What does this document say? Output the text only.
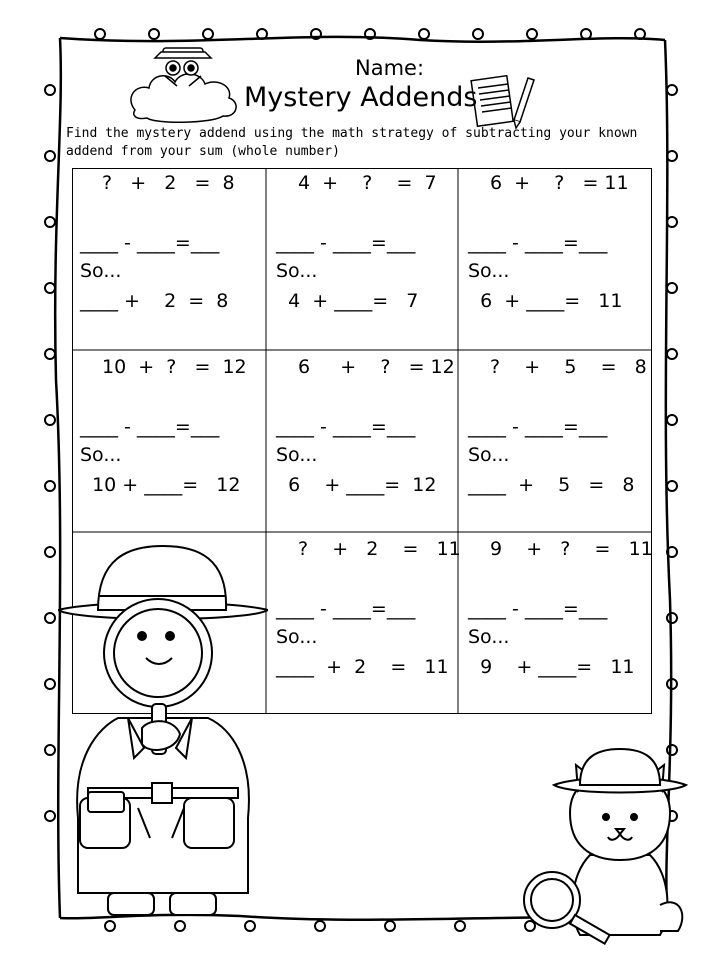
Name:
Mystery Addends
Find the mystery addend using the math strategy of subtracting your known
addend from your sum (whole number)
?   +   2   =  8
____ - ____=___
So...
____ +    2  =  8
4  +    ?    =  7
____ - ____=___
So...
4  + ____=   7
6  +    ?   = 11
____ - ____=___
So...
6  + ____=   11
10  +  ?   =  12
____ - ____=___
So...
10 + ____=   12
6     +    ?   = 12
____ - ____=___
So...
6    + ____=  12
?    +    5    =   8
____ - ____=___
So...
____  +    5   =   8
?    +   2    =   11
____ - ____=___
So...
____  +  2    =   11
9    +   ?    =   11
____ - ____=___
So...
9    + ____=   11
